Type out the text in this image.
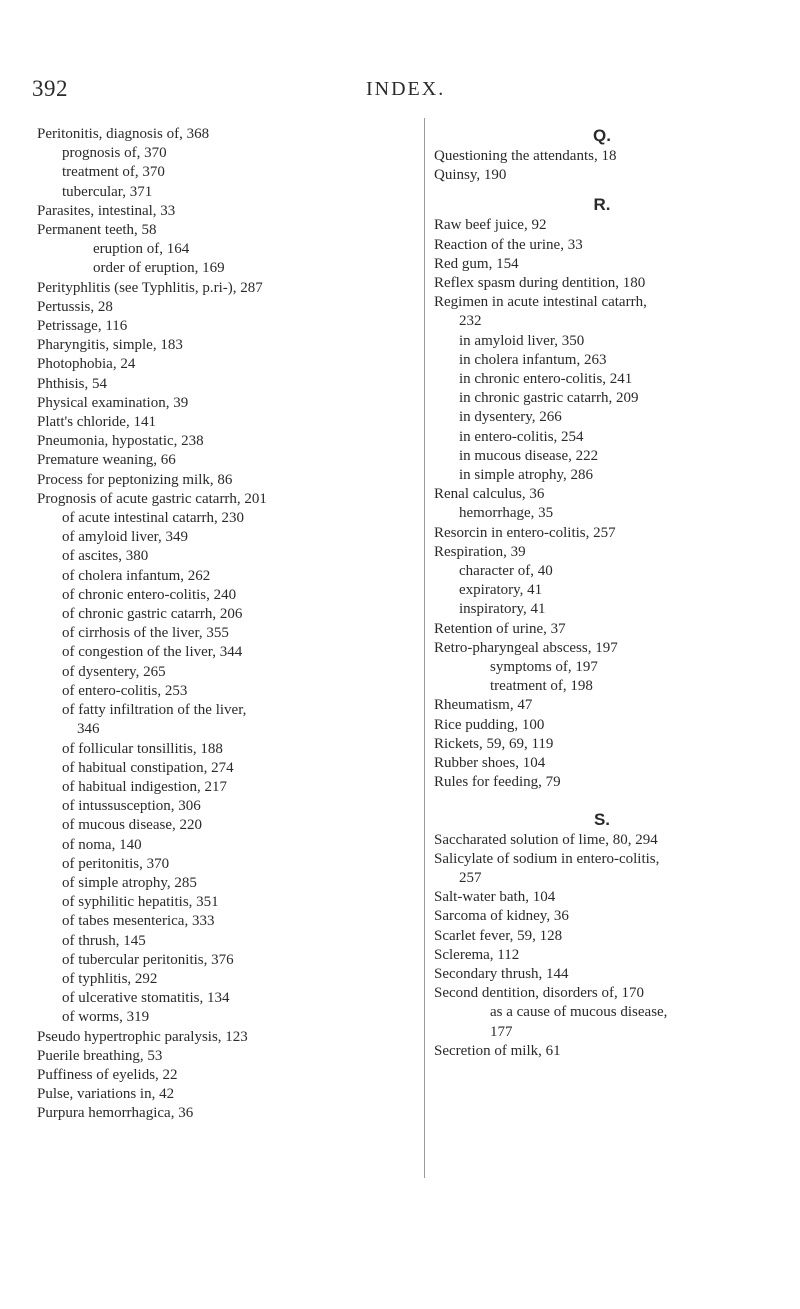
392	INDEX.
Peritonitis, diagnosis of, 368
prognosis of, 370
treatment of, 370
tubercular, 371
Parasites, intestinal, 33
Permanent teeth, 58
eruption of, 164
order of eruption, 169
Perityphlitis (see Typhlitis, p.ri-), 287
Pertussis, 28
Petrissage, 116
Pharyngitis, simple, 183
Photophobia, 24
Phthisis, 54
Physical examination, 39
Platt's chloride, 141
Pneumonia, hypostatic, 238
Premature weaning, 66
Process for peptonizing milk, 86
Prognosis of acute gastric catarrh, 201
of acute intestinal catarrh, 230
of amyloid liver, 349
of ascites, 380
of cholera infantum, 262
of chronic entero-colitis, 240
of chronic gastric catarrh, 206
of cirrhosis of the liver, 355
of congestion of the liver, 344
of dysentery, 265
of entero-colitis, 253
of fatty infiltration of the liver,
346
of follicular tonsillitis, 188
of habitual constipation, 274
of habitual indigestion, 217
of intussusception, 306
of mucous disease, 220
of noma, 140
of peritonitis, 370
of simple atrophy, 285
of syphilitic hepatitis, 351
of tabes mesenterica, 333
of thrush, 145
of tubercular peritonitis, 376
of typhlitis, 292
of ulcerative stomatitis, 134
of worms, 319
Pseudo hypertrophic paralysis, 123
Puerile breathing, 53
Puffiness of eyelids, 22
Pulse, variations in, 42
Purpura hemorrhagica, 36
Q.
Questioning the attendants, 18
Quinsy, 190
R.
Raw beef juice, 92
Reaction of the urine, 33
Red gum, 154
Reflex spasm during dentition, 180
Regimen in acute intestinal catarrh,
232
in amyloid liver, 350
in cholera infantum, 263
in chronic entero-colitis, 241
in chronic gastric catarrh, 209
in dysentery, 266
in entero-colitis, 254
in mucous disease, 222
in simple atrophy, 286
Renal calculus, 36
hemorrhage, 35
Resorcin in entero-colitis, 257
Respiration, 39
character of, 40
expiratory, 41
inspiratory, 41
Retention of urine, 37
Retro-pharyngeal abscess, 197
symptoms of, 197
treatment of, 198
Rheumatism, 47
Rice pudding, 100
Rickets, 59, 69, 119
Rubber shoes, 104
Rules for feeding, 79
S.
Saccharated solution of lime, 80, 294
Salicylate of sodium in entero-colitis,
257
Salt-water bath, 104
Sarcoma of kidney, 36
Scarlet fever, 59, 128
Sclerema, 112
Secondary thrush, 144
Second dentition, disorders of, 170
as a cause of mucous disease,
177
Secretion of milk, 61
